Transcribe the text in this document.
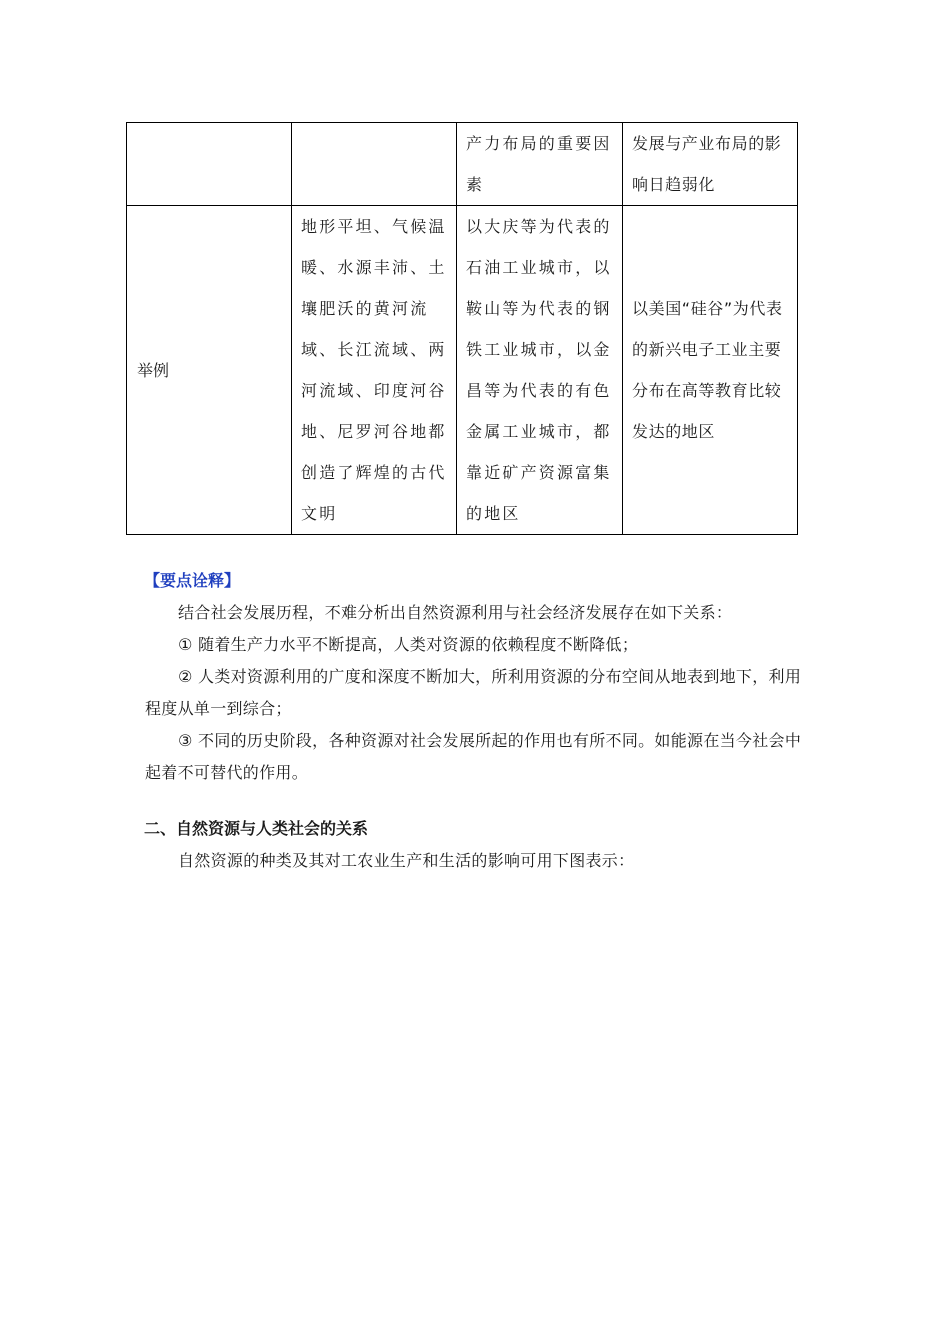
		产力布局的重要因素	发展与产业布局的影响日趋弱化

举例	地形平坦、气候温暖、水源丰沛、土壤肥沃的黄河流域、长江流域、两河流域、印度河谷地、尼罗河谷地都创造了辉煌的古代文明	以大庆等为代表的石油工业城市，以鞍山等为代表的钢铁工业城市，以金昌等为代表的有色金属工业城市，都靠近矿产资源富集的地区	以美国“硅谷”为代表的新兴电子工业主要分布在高等教育比较发达的地区
【要点诠释】
结合社会发展历程，不难分析出自然资源利用与社会经济发展存在如下关系：
① 随着生产力水平不断提高，人类对资源的依赖程度不断降低；
② 人类对资源利用的广度和深度不断加大，所利用资源的分布空间从地表到地下，利用程度从单一到综合；
③ 不同的历史阶段，各种资源对社会发展所起的作用也有所不同。如能源在当今社会中起着不可替代的作用。
二、自然资源与人类社会的关系
自然资源的种类及其对工农业生产和生活的影响可用下图表示：
